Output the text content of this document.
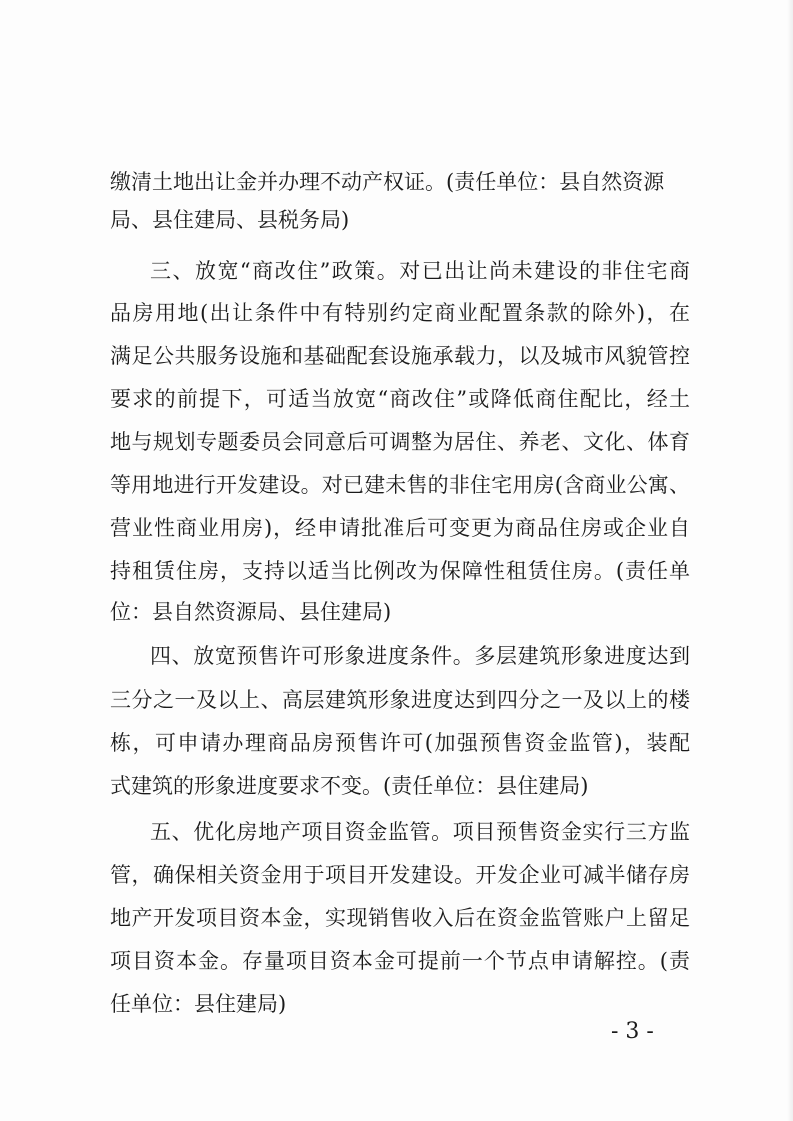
缴清土地出让金并办理不动产权证。(责任单位：县自然资源
局、县住建局、县税务局)
三、放宽“商改住”政策。对已出让尚未建设的非住宅商
品房用地(出让条件中有特别约定商业配置条款的除外)，在
满足公共服务设施和基础配套设施承载力，以及城市风貌管控
要求的前提下，可适当放宽“商改住”或降低商住配比，经土
地与规划专题委员会同意后可调整为居住、养老、文化、体育
等用地进行开发建设。对已建未售的非住宅用房(含商业公寓、
营业性商业用房)，经申请批准后可变更为商品住房或企业自
持租赁住房，支持以适当比例改为保障性租赁住房。(责任单
位：县自然资源局、县住建局)
四、放宽预售许可形象进度条件。多层建筑形象进度达到
三分之一及以上、高层建筑形象进度达到四分之一及以上的楼
栋，可申请办理商品房预售许可(加强预售资金监管)，装配
式建筑的形象进度要求不变。(责任单位：县住建局)
五、优化房地产项目资金监管。项目预售资金实行三方监
管，确保相关资金用于项目开发建设。开发企业可减半储存房
地产开发项目资本金，实现销售收入后在资金监管账户上留足
项目资本金。存量项目资本金可提前一个节点申请解控。(责
任单位：县住建局)
- 3 -
